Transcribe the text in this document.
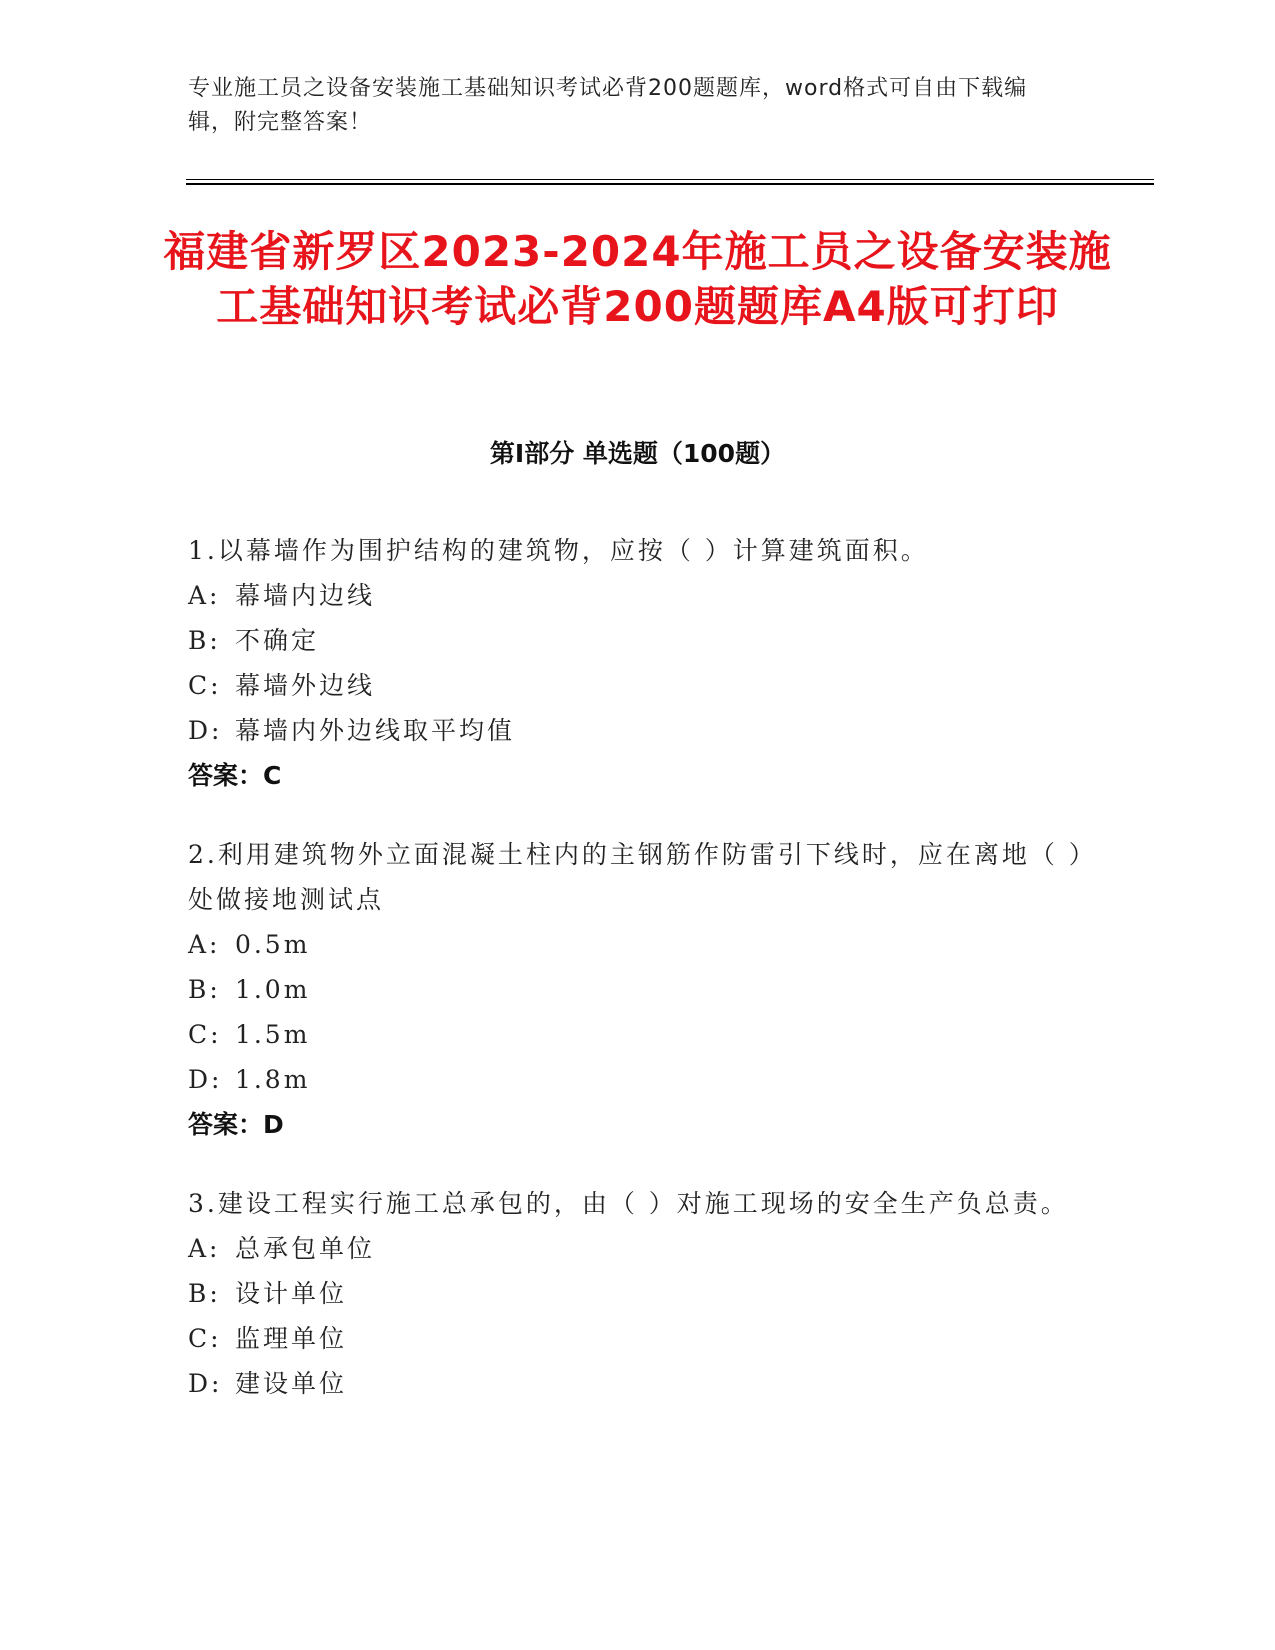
专业施工员之设备安装施工基础知识考试必背200题题库，word格式可自由下载编辑，附完整答案！
福建省新罗区2023-2024年施工员之设备安装施工基础知识考试必背200题题库A4版可打印
第I部分 单选题（100题）

1.以幕墙作为围护结构的建筑物，应按（ ）计算建筑面积。

A: 幕墙内边线

B: 不确定

C: 幕墙外边线

D: 幕墙内外边线取平均值

答案：C

2.利用建筑物外立面混凝土柱内的主钢筋作防雷引下线时，应在离地（ ）处做接地测试点

A: 0.5m

B: 1.0m

C: 1.5m

D: 1.8m

答案：D

3.建设工程实行施工总承包的，由（ ）对施工现场的安全生产负总责。

A: 总承包单位

B: 设计单位

C: 监理单位

D: 建设单位
